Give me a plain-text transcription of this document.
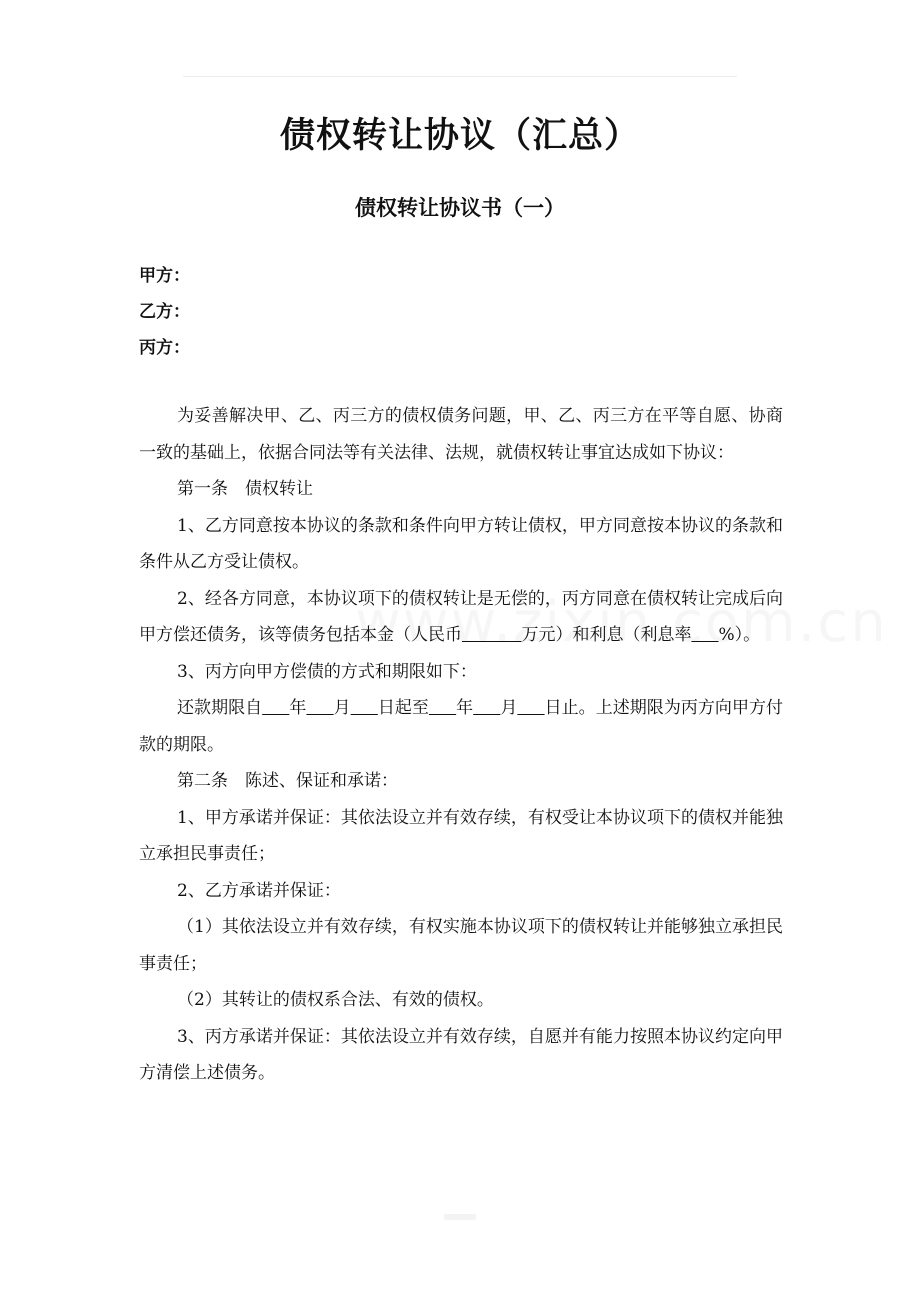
债权转让协议（汇总）
债权转让协议书（一）
甲方：
乙方：
丙方：

为妥善解决甲、乙、丙三方的债权债务问题，甲、乙、丙三方在平等自愿、协商一致的基础上，依据合同法等有关法律、法规，就债权转让事宜达成如下协议：

第一条　债权转让

1、乙方同意按本协议的条款和条件向甲方转让债权，甲方同意按本协议的条款和条件从乙方受让债权。

2、经各方同意，本协议项下的债权转让是无偿的，丙方同意在债权转让完成后向甲方偿还债务，该等债务包括本金（人民币	万元）和利息（利息率 %）。

3、丙方向甲方偿债的方式和期限如下：

还款期限自 年 月 日起至 年 月 日止。上述期限为丙方向甲方付款的期限。

第二条　陈述、保证和承诺：

1、甲方承诺并保证：其依法设立并有效存续，有权受让本协议项下的债权并能独立承担民事责任；

2、乙方承诺并保证：

（1）其依法设立并有效存续，有权实施本协议项下的债权转让并能够独立承担民事责任；

（2）其转让的债权系合法、有效的债权。

3、丙方承诺并保证：其依法设立并有效存续，自愿并有能力按照本协议约定向甲方清偿上述债务。
